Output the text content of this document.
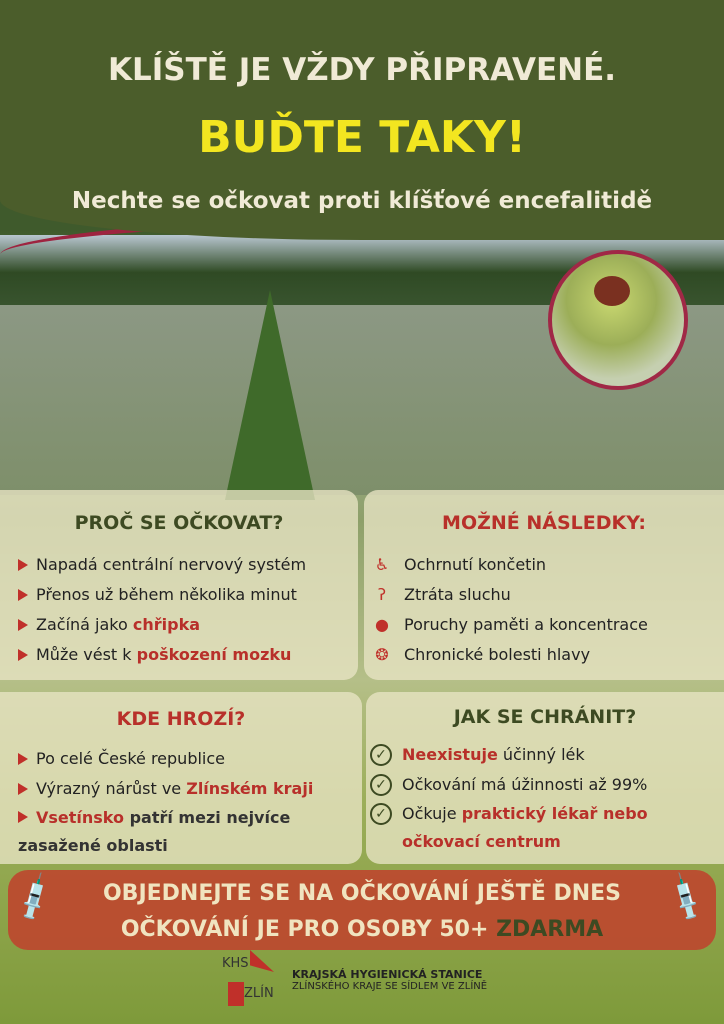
KLÍŠTĚ JE VŽDY PŘIPRAVENÉ.
BUĎTE TAKY!
Nechte se očkovat proti klíšťové encefalitidě
PROČ SE OČKOVAT?
Napadá centrální nervový systém
Přenos už během několika minut
Začíná jako chřipka
Může vést k poškození mozku
MOŽNÉ NÁSLEDKY:
♿ Ochrnutí končetin
ʔ	Ztráta sluchu
● Poruchy paměti a koncentrace
❂ Chronické bolesti hlavy
KDE HROZÍ?
Po celé České republice
Výrazný nárůst ve Zlínském kraji
Vsetínsko patří mezi nejvíce zasažené oblasti
JAK SE CHRÁNIT?
✓ Neexistuje účinný lék
✓ Očkování má úžinnosti až 99%
✓ Očkuje praktický lékař nebo očkovací centrum
OBJEDNEJTE SE NA OČKOVÁNÍ JEŠTĚ DNES
OČKOVÁNÍ JE PRO OSOBY 50+ ZDARMA
💉	💉
KHS
ZLÍN
KRAJSKÁ HYGIENICKÁ STANICE
ZLÍNSKÉHO KRAJE SE SÍDLEM VE ZLÍNĚ
